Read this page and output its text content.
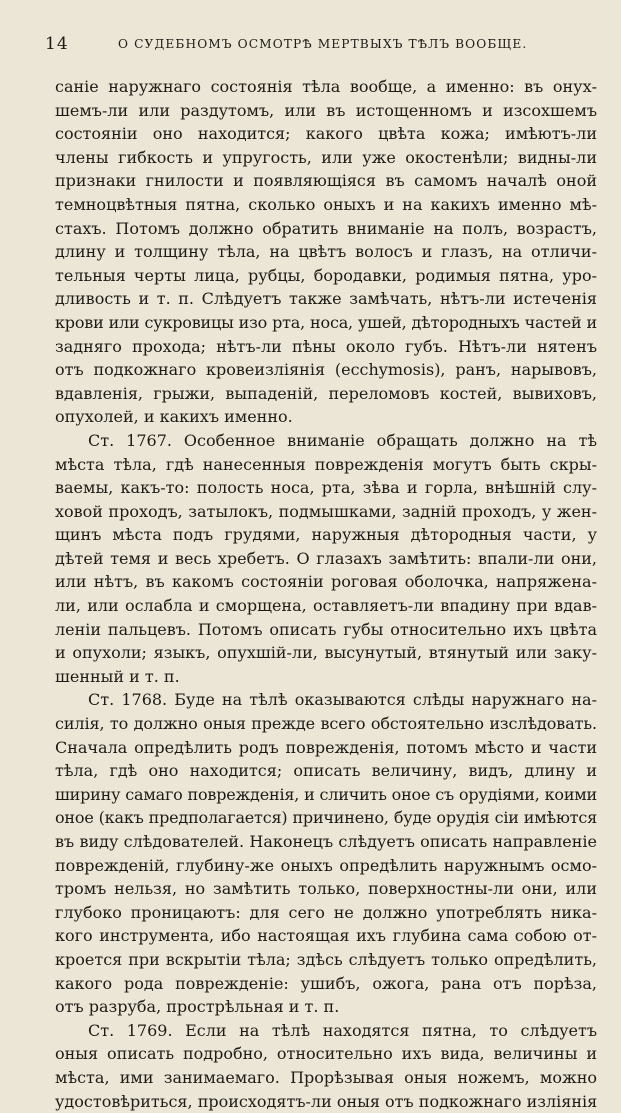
14	О СУДЕБНОМЪ ОСМОТРѢ МЕРТВЫХЪ ТѢЛЪ ВООБЩЕ.
саніе наружнаго состоянія тѣла вообще, а именно: въ онух-
шемъ-ли или раздутомъ, или въ истощенномъ и изсохшемъ
состояніи оно находится; какого цвѣта кожа; имѣютъ-ли
члены гибкость и упругость, или уже окостенѣли; видны-ли
признаки гнилости и появляющіяся въ самомъ началѣ оной
темноцвѣтныя пятна, сколько оныхъ и на какихъ именно мѣ-
стахъ. Потомъ должно обратить вниманіе на полъ, возрастъ,
длину и толщину тѣла, на цвѣтъ волосъ и глазъ, на отличи-
тельныя черты лица, рубцы, бородавки, родимыя пятна, уро-
дливость и т. п. Слѣдуетъ также замѣчать, нѣтъ-ли истеченія
крови или сукровицы изо рта, носа, ушей, дѣтородныхъ частей и
задняго прохода; нѣтъ-ли пѣны около губъ. Нѣтъ-ли нятенъ
отъ подкожнаго кровеизлiянія (ecchymosis), ранъ, нарывовъ,
вдавленія, грыжи, выпаденій, переломовъ костей, вывиховъ,
опухолей, и какихъ именно.
Ст. 1767. Особенное вниманіе обращать должно на тѣ
мѣста тѣла, гдѣ нанесенныя поврежденія могутъ быть скры-
ваемы, какъ-то: полость носа, рта, зѣва и горла, внѣшній слу-
ховой проходъ, затылокъ, подмышками, задній проходъ, у жен-
щинъ мѣста подъ грудями, наружныя дѣтородныя части, у
дѣтей темя и весь хребетъ. О глазахъ замѣтить: впали-ли они,
или нѣтъ, въ какомъ состояніи роговая оболочка, напряжена-
ли, или ослабла и сморщена, оставляетъ-ли впадину при вдав-
леніи пальцевъ. Потомъ описать губы относительно ихъ цвѣта
и опухоли; языкъ, опухшій-ли, высунутый, втянутый или заку-
шенный и т. п.
Ст. 1768. Буде на тѣлѣ оказываются слѣды наружнаго на-
силія, то должно оныя прежде всего обстоятельно изслѣдовать.
Сначала опредѣлить родъ поврежденія, потомъ мѣсто и части
тѣла, гдѣ оно находится; описать величину, видъ, длину и
ширину самаго поврежденія, и сличить оное съ орудіями, коими
оное (какъ предполагается) причинено, буде орудія сіи имѣются
въ виду слѣдователей. Наконецъ слѣдуетъ описать направленіе
поврежденій, глубину-же оныхъ опредѣлить наружнымъ осмо-
тромъ нельзя, но замѣтить только, поверхностны-ли они, или
глубоко проницаютъ: для сего не должно употреблять ника-
кого инструмента, ибо настоящая ихъ глубина сама собою от-
кроется при вскрытіи тѣла; здѣсь слѣдуетъ только опредѣлить,
какого рода поврежденіе: ушибъ, ожога, рана отъ порѣза,
отъ разруба, прострѣльная и т. п.
Ст. 1769. Если на тѣлѣ находятся пятна, то слѣдуетъ
оныя описать подробно, относительно ихъ вида, величины и
мѣста, ими занимаемаго. Прорѣзывая оныя ножемъ, можно
удостовѣриться, происходятъ-ли оныя отъ подкожнаго изліянія
